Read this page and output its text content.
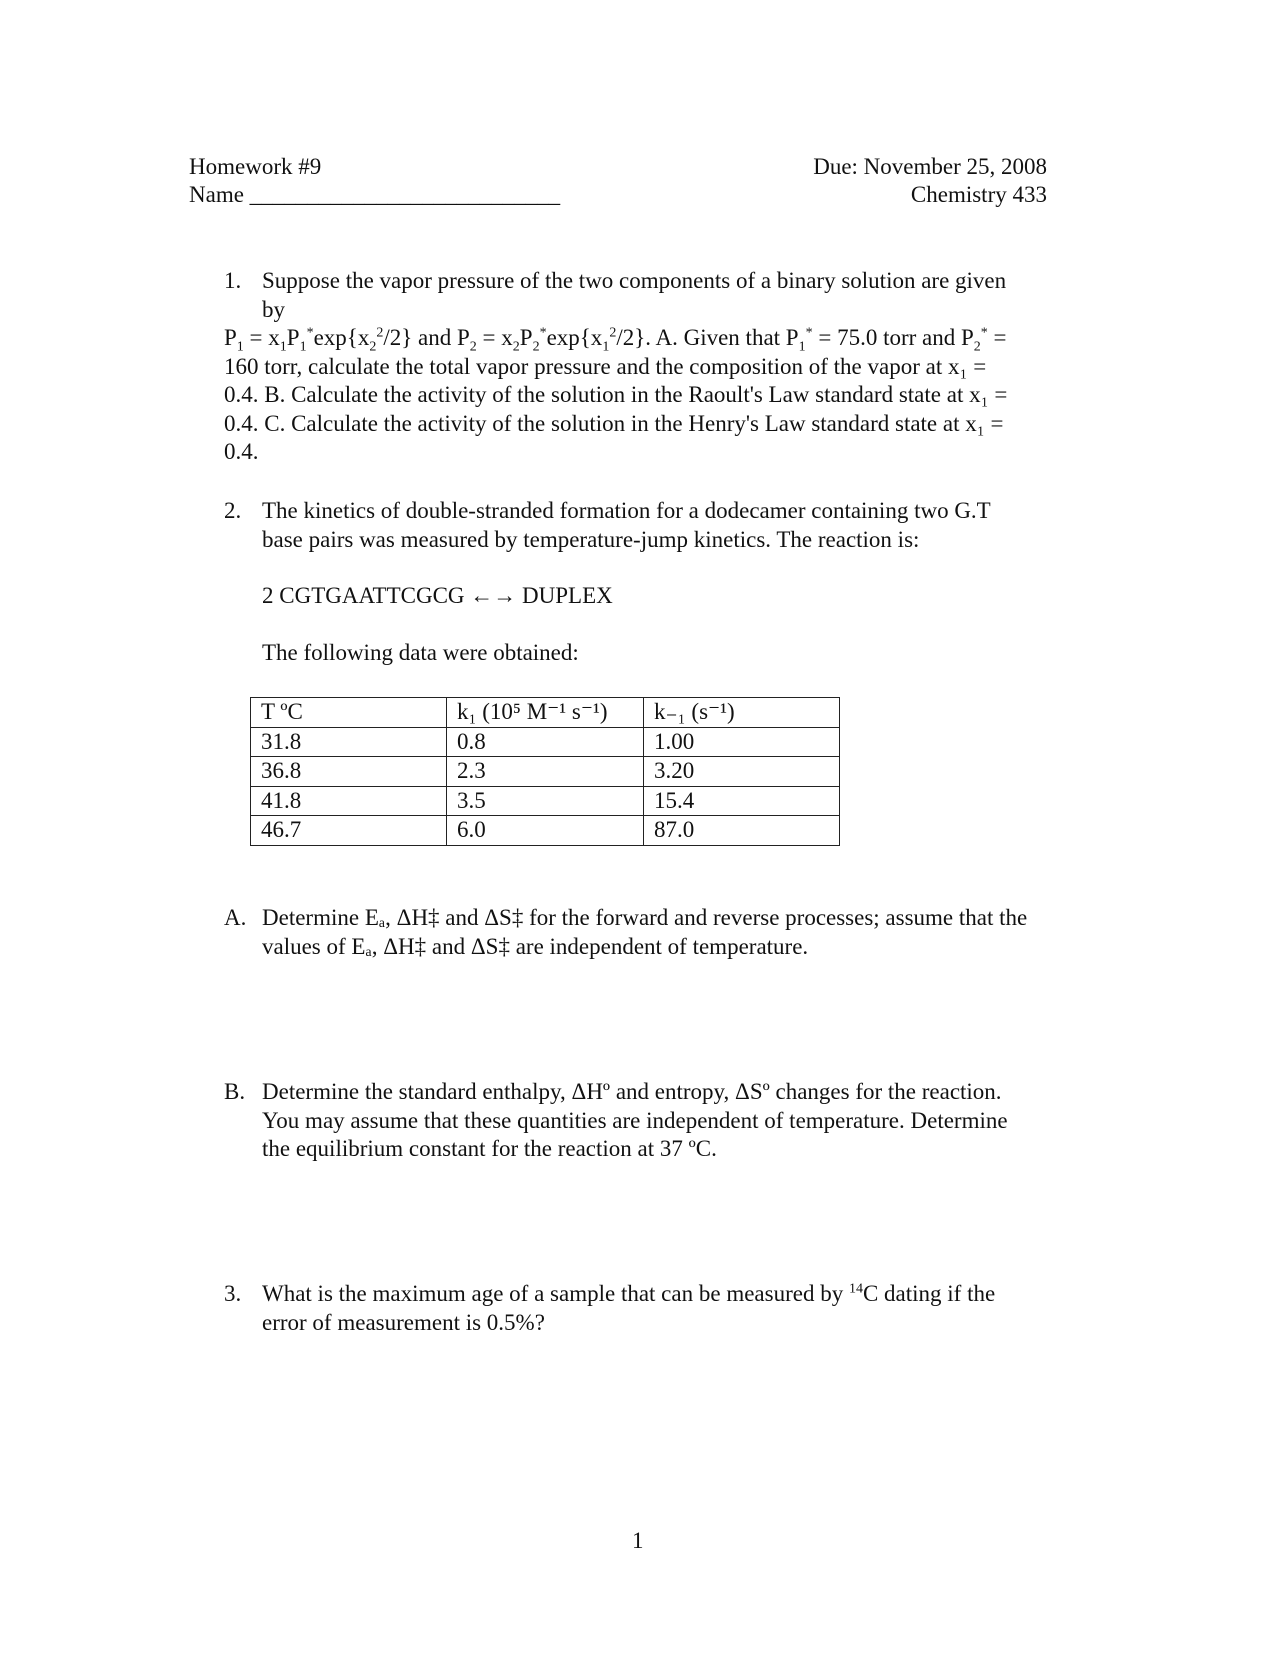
Homework #9
Name ___________________________
Due: November 25, 2008
Chemistry 433
1. Suppose the vapor pressure of the two components of a binary solution are given
by
$P_1 = x_1P_1^*\exp\{x_2^2/2\}$ and $P_2 = x_2P_2^*\exp\{x_1^2/2\}$. A. Given that $P_1^* = 75.0$ torr and $P_2^*$ =
160 torr, calculate the total vapor pressure and the composition of the vapor at x₁ =
0.4. B. Calculate the activity of the solution in the Raoult's Law standard state at x₁ =
0.4. C. Calculate the activity of the solution in the Henry's Law standard state at x₁ =
0.4.
2. The kinetics of double-stranded formation for a dodecamer containing two G.T
base pairs was measured by temperature-jump kinetics. The reaction is:
2 CGTGAATTCGCG ←→ DUPLEX
The following data were obtained:
T ºC	k₁ (10⁵ M⁻¹ s⁻¹)	k₋₁ (s⁻¹)
31.8	0.8	1.00
36.8	2.3	3.20
41.8	3.5	15.4
46.7	6.0	87.0
A. Determine Eₐ, ΔH‡ and ΔS‡ for the forward and reverse processes; assume that the
values of Eₐ, ΔH‡ and ΔS‡ are independent of temperature.
B. Determine the standard enthalpy, ΔHº and entropy, ΔSº changes for the reaction.
You may assume that these quantities are independent of temperature. Determine
the equilibrium constant for the reaction at 37 ºC.
3. What is the maximum age of a sample that can be measured by $^{14}$C dating if the
error of measurement is 0.5%?
1
